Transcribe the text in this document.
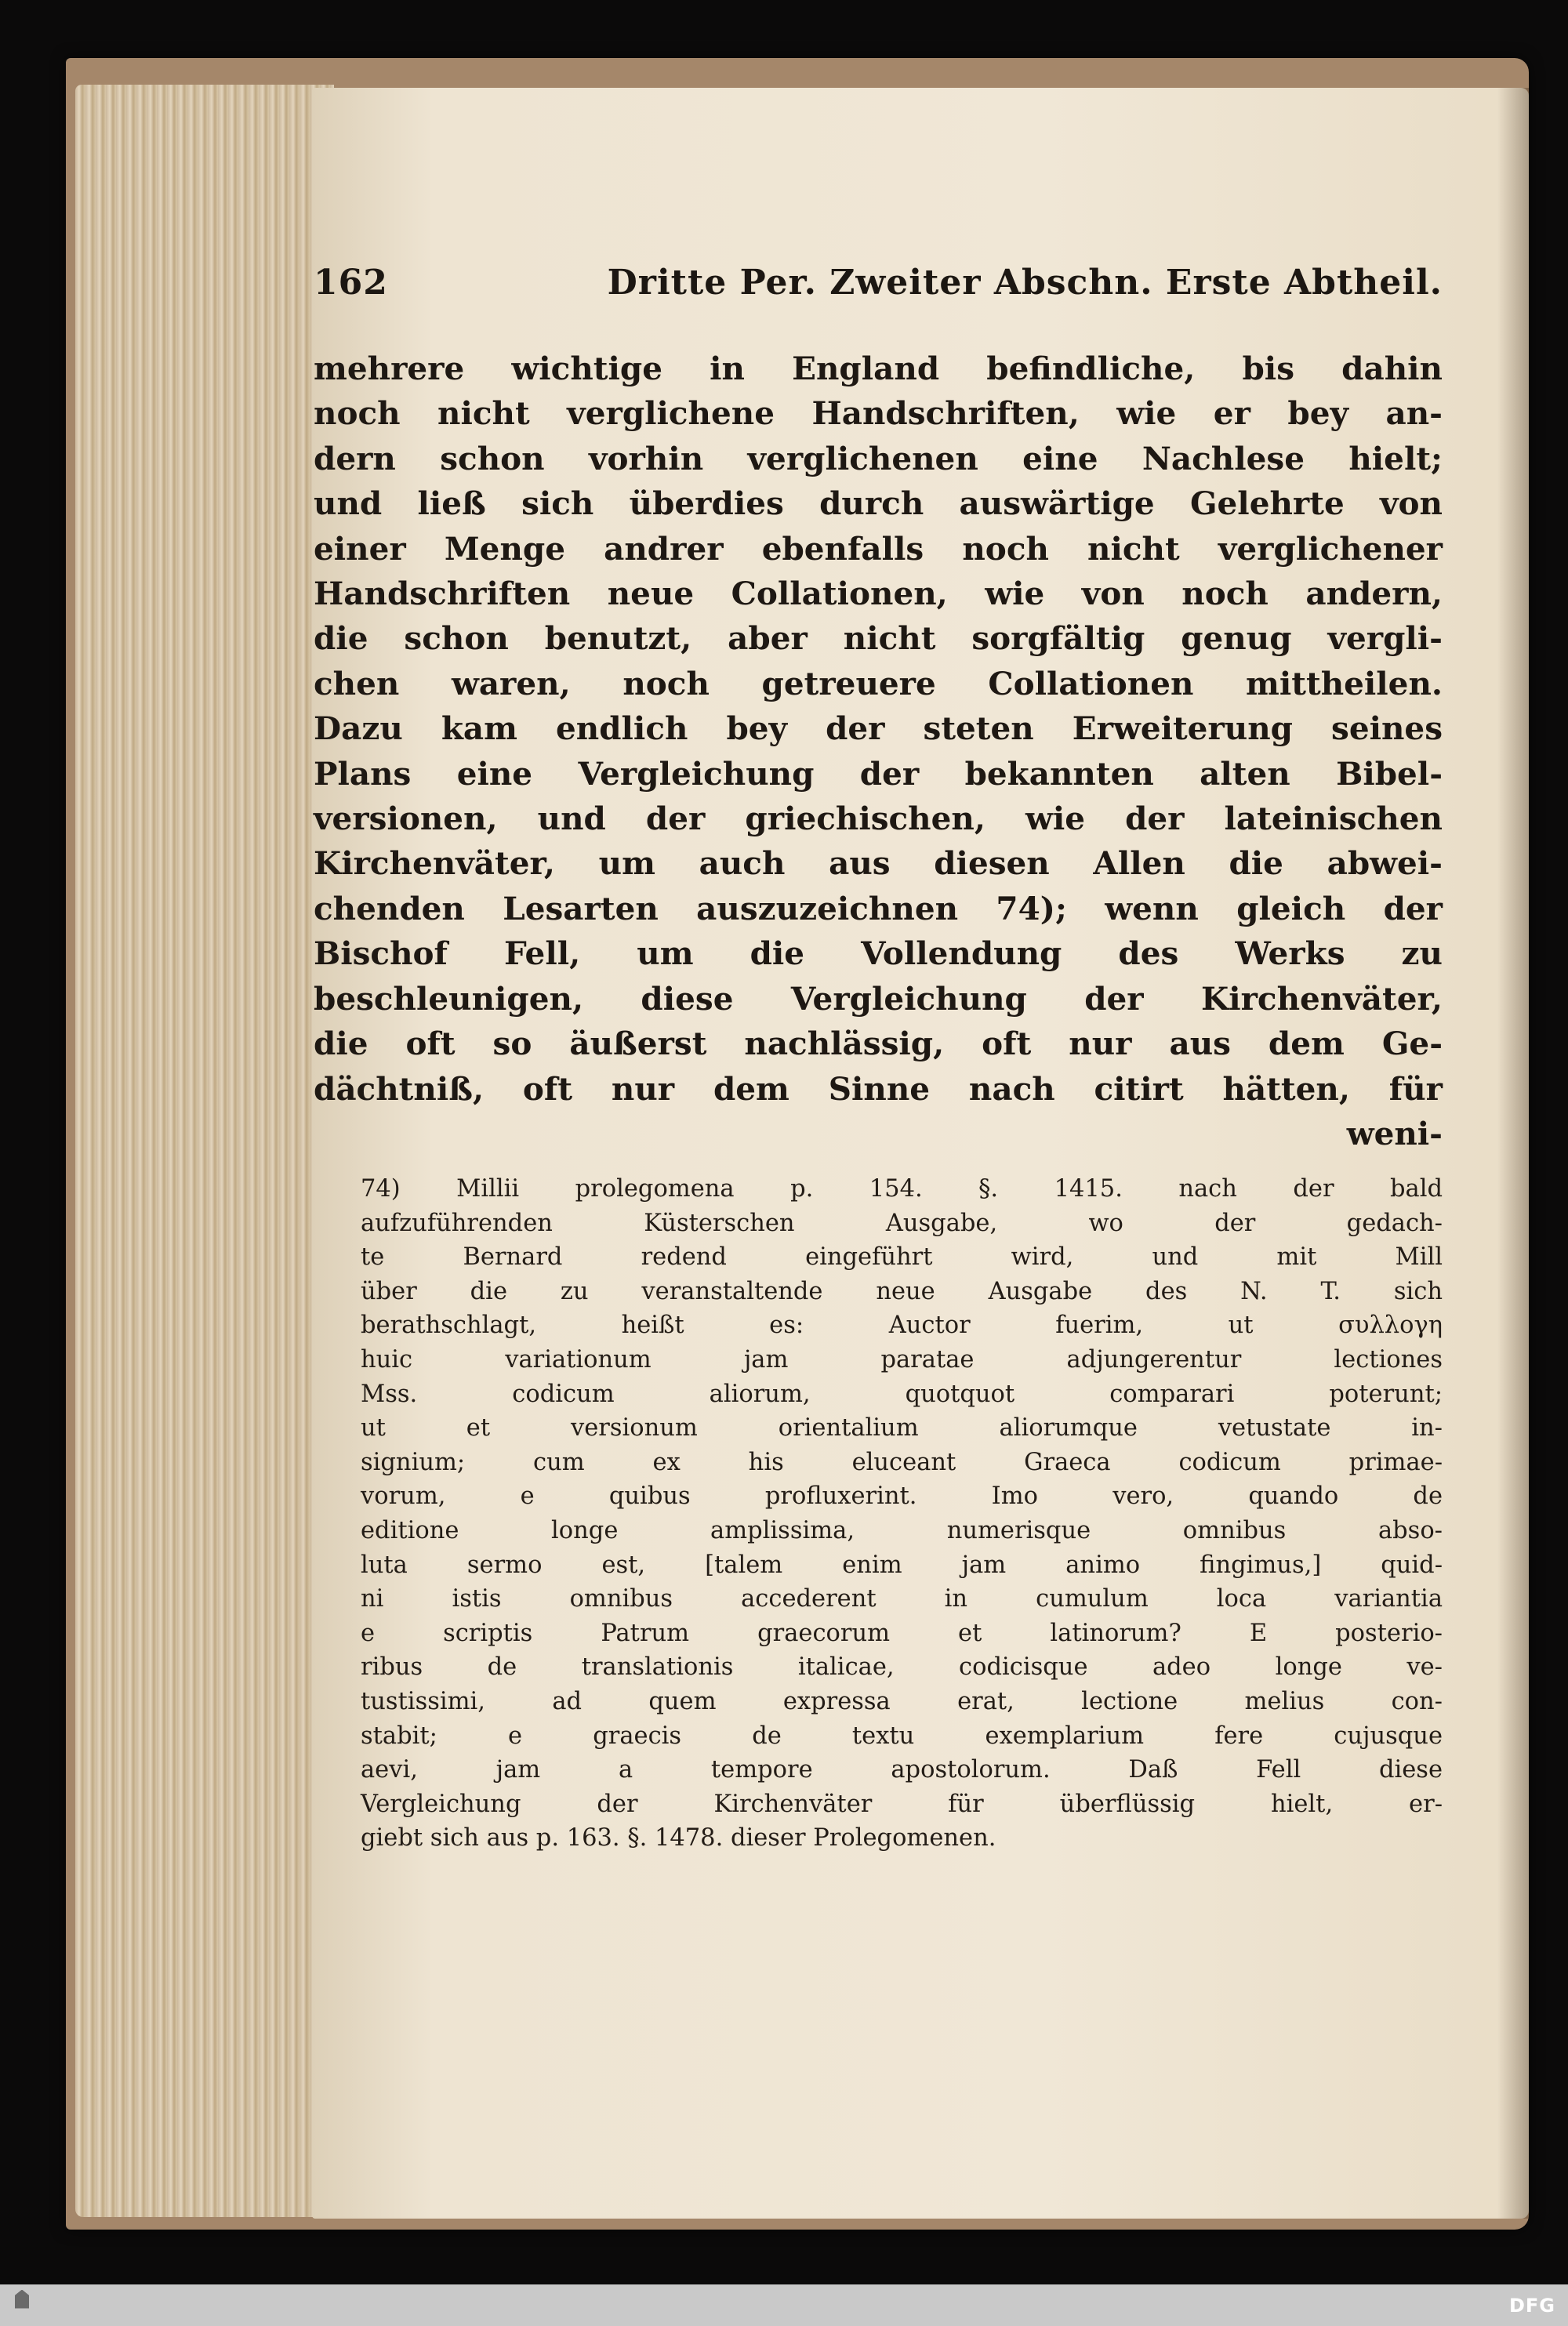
162	Dritte Per. Zweiter Abschn. Erste Abtheil.
mehrere wichtige in England befindliche, bis dahin
noch nicht verglichene Handschriften, wie er bey an-
dern schon vorhin verglichenen eine Nachlese hielt;
und ließ sich überdies durch auswärtige Gelehrte von
einer Menge andrer ebenfalls noch nicht verglichener
Handschriften neue Collationen, wie von noch andern,
die schon benutzt, aber nicht sorgfältig genug vergli-
chen waren, noch getreuere Collationen mittheilen.
Dazu kam endlich bey der steten Erweiterung seines
Plans eine Vergleichung der bekannten alten Bibel-
versionen, und der griechischen, wie der lateinischen
Kirchenväter, um auch aus diesen Allen die abwei-
chenden Lesarten auszuzeichnen 74); wenn gleich der
Bischof Fell, um die Vollendung des Werks zu
beschleunigen, diese Vergleichung der Kirchenväter,
die oft so äußerst nachlässig, oft nur aus dem Ge-
dächtniß, oft nur dem Sinne nach citirt hätten, für
weni-
74) Millii prolegomena p. 154. §. 1415. nach der bald
aufzuführenden Küsterschen Ausgabe, wo der gedach-
te Bernard redend eingeführt wird, und mit Mill
über die zu veranstaltende neue Ausgabe des N. T. sich
berathschlagt, heißt es: Auctor fuerim, ut συλλογη
huic variationum jam paratae adjungerentur lectiones
Mss. codicum aliorum, quotquot comparari poterunt;
ut et versionum orientalium aliorumque vetustate in-
signium; cum ex his eluceant Graeca codicum primae-
vorum, e quibus profluxerint. Imo vero, quando de
editione longe amplissima, numerisque omnibus abso-
luta sermo est, [talem enim jam animo fingimus,] quid-
ni istis omnibus accederent in cumulum loca variantia
e scriptis Patrum graecorum et latinorum? E posterio-
ribus de translationis italicae, codicisque adeo longe ve-
tustissimi, ad quem expressa erat, lectione melius con-
stabit; e graecis de textu exemplarium fere cujusque
aevi, jam a tempore apostolorum. Daß Fell diese
Vergleichung der Kirchenväter für überflüssig hielt, er-
giebt sich aus p. 163. §. 1478. dieser Prolegomenen.
DFG
